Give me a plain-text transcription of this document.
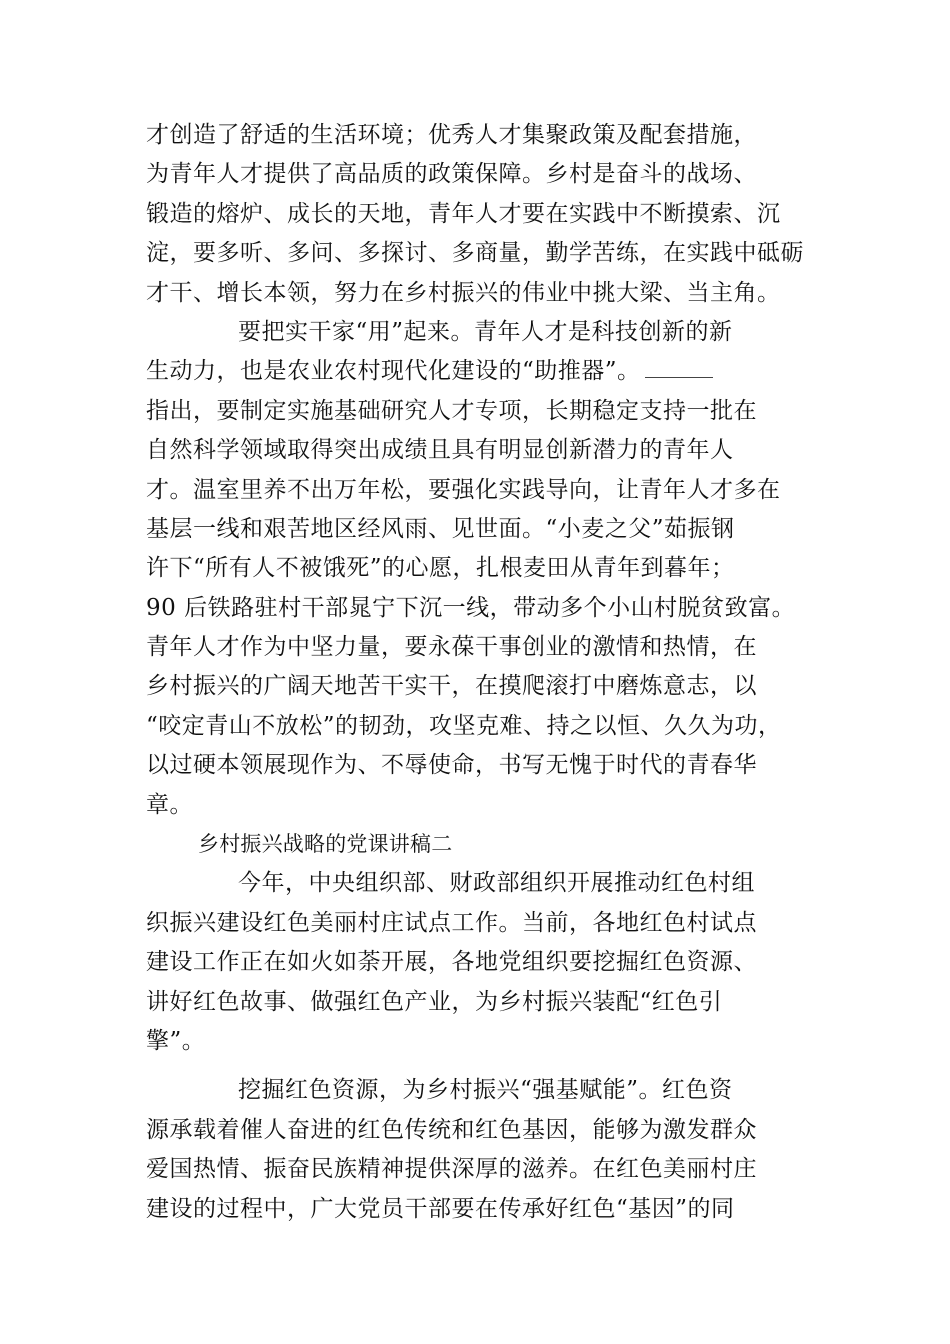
才创造了舒适的生活环境；优秀人才集聚政策及配套措施，
为青年人才提供了高品质的政策保障。乡村是奋斗的战场、
锻造的熔炉、成长的天地，青年人才要在实践中不断摸索、沉
淀，要多听、多问、多探讨、多商量，勤学苦练，在实践中砥砺
才干、增长本领，努力在乡村振兴的伟业中挑大梁、当主角。
要把实干家“用”起来。青年人才是科技创新的新
生动力，也是农业农村现代化建设的“助推器”。
指出，要制定实施基础研究人才专项，长期稳定支持一批在
自然科学领域取得突出成绩且具有明显创新潜力的青年人
才。温室里养不出万年松，要强化实践导向，让青年人才多在
基层一线和艰苦地区经风雨、见世面。“小麦之父”茹振钢
许下“所有人不被饿死”的心愿，扎根麦田从青年到暮年；
90 后铁路驻村干部晁宁下沉一线，带动多个小山村脱贫致富。
青年人才作为中坚力量，要永葆干事创业的激情和热情，在
乡村振兴的广阔天地苦干实干，在摸爬滚打中磨炼意志，以
“咬定青山不放松”的韧劲，攻坚克难、持之以恒、久久为功，
以过硬本领展现作为、不辱使命，书写无愧于时代的青春华
章。
乡村振兴战略的党课讲稿二
今年，中央组织部、财政部组织开展推动红色村组
织振兴建设红色美丽村庄试点工作。当前，各地红色村试点
建设工作正在如火如荼开展，各地党组织要挖掘红色资源、
讲好红色故事、做强红色产业，为乡村振兴装配“红色引
擎”。
挖掘红色资源，为乡村振兴“强基赋能”。红色资
源承载着催人奋进的红色传统和红色基因，能够为激发群众
爱国热情、振奋民族精神提供深厚的滋养。在红色美丽村庄
建设的过程中，广大党员干部要在传承好红色“基因”的同
